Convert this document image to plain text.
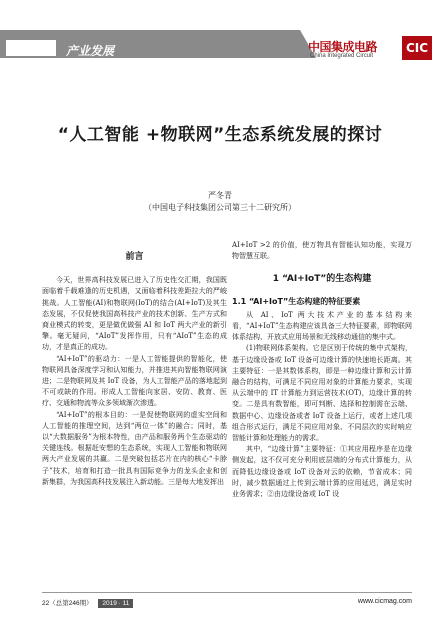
产业发展	中国集成电路
China Integrated Circuit
CIC
“人工智能 +物联网”生态系统发展的探讨
严冬青
（中国电子科技集团公司第三十二研究所）
前言

今天，世界高科技发展已进入了历史性交汇期，我国既面临着千载难逢的历史机遇，又面临着科技差距拉大的严峻挑战。人工智能(AI)和物联网(IoT)的结合(AI+IoT)及其生态发展，不仅促使我国高科技产业的技术创新、生产方式和商业模式的转变，更是做优做强 AI 和 IoT 两大产业的新引擎。毫无疑问，“AIoT”发挥作用，只有“AIoT”生态的成功，才是真正的成功。

“AI+IoT”的驱动力：一是人工智能提供的智能化，使物联网具备深度学习和认知能力，并推进其向智能物联网演进；二是物联网及其 IoT 设备，为人工智能产品的落地起到不可或缺的作用。形成人工智能向家居、安防、教育、医疗、交通和物流等众多领域渐次渗透。

“AI+IoT”的根本目的：一是促使物联网的虚实空间和人工智能的推理空间，达到“两位一体”的融合；同时，基以“大数据服务”为根本特性，由产品和服务两个生态驱动的关键连线。根据赶安想的生态系统，实现人工智能和物联网两大产业发展的共赢。二是突破包括芯片在内的核心“卡脖子”技术，培育和打造一批具有国际竞争力的龙头企业和创新集群，为我国高科技发展注入新动能。三是每大地发挥出

AI+IoT >2 的价值，使万物具有智能认知功能，实现万物智慧互联。

1 “AI+IoT”的生态构建
1.1 “AI+IoT”生态构建的特征要素

从 AI、IoT 两大技术产业的基本结构来看，“AI+IoT”生态构建应该具备三大特征要素，即物联网体系结构、开放式应用场景和无线移动通信的集中式。

(1)物联网体系架构。它是区别于传统的集中式架构，基于边缘设备或 IoT 设备可边缘计算的快速地长距离。其主要特征：一是其数体系构，即是一种边缘计算和云计算融合的结构，可满足不同应用对象的计算能力要求，实现从云端中的 IT 计算能力到运营技术(OT)，边缘计算的转变。二是具有数智能，即可判断、选择和控制需在云端、数据中心、边缘设备或者 IoT 设备上运行，或者上述几项组合形式运行，满足不同应用对象、不同层次的实时响应智能计算和处理能力的需求。

其中，“边缘计算”主要特征：①其应用程序是在边缘侧发起，这不仅可充分利用底层端的分布式计算能力，从而降低边缘设备或 IoT 设备对云的依赖，节省成本；同时，减少数据通过上传到云端计算的应用延迟，满足实时业务需求；②由边缘设备或 IoT 设

22（总第246期） 2019 · 11	www.cicmag.com
